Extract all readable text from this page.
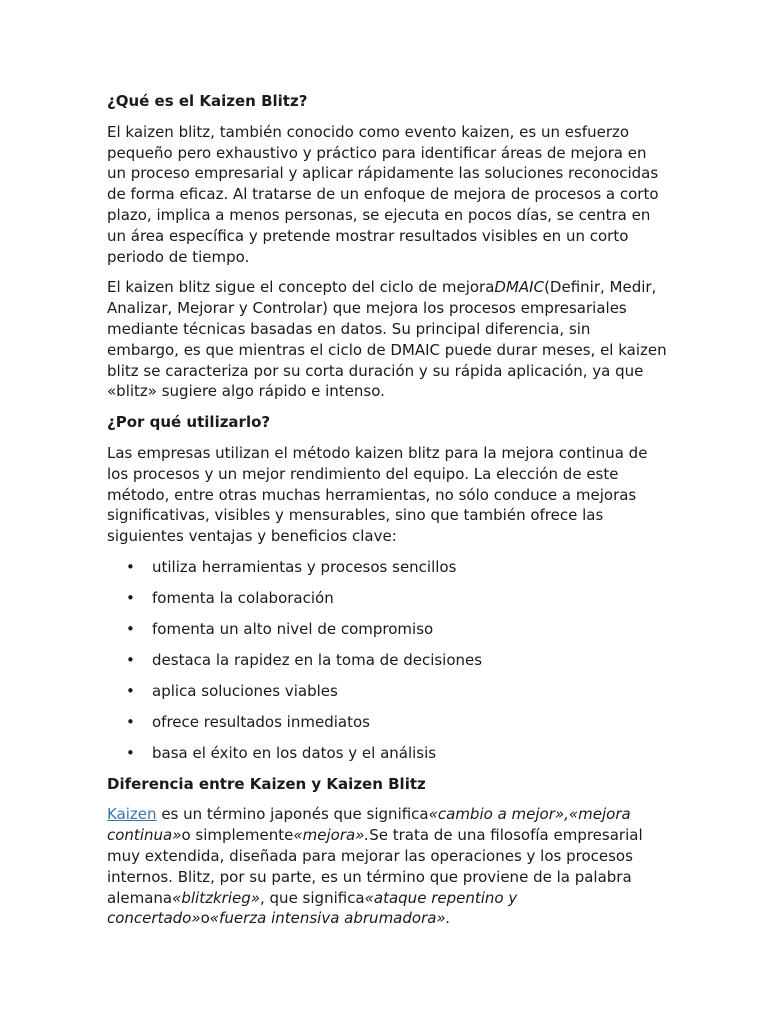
¿Qué es el Kaizen Blitz?

El kaizen blitz, también conocido como evento kaizen, es un esfuerzo pequeño pero exhaustivo y práctico para identificar áreas de mejora en un proceso empresarial y aplicar rápidamente las soluciones reconocidas de forma eficaz. Al tratarse de un enfoque de mejora de procesos a corto plazo, implica a menos personas, se ejecuta en pocos días, se centra en un área específica y pretende mostrar resultados visibles en un corto periodo de tiempo.

El kaizen blitz sigue el concepto del ciclo de mejoraDMAIC(Definir, Medir, Analizar, Mejorar y Controlar) que mejora los procesos empresariales mediante técnicas basadas en datos. Su principal diferencia, sin embargo, es que mientras el ciclo de DMAIC puede durar meses, el kaizen blitz se caracteriza por su corta duración y su rápida aplicación, ya que «blitz» sugiere algo rápido e intenso.

¿Por qué utilizarlo?

Las empresas utilizan el método kaizen blitz para la mejora continua de los procesos y un mejor rendimiento del equipo. La elección de este método, entre otras muchas herramientas, no sólo conduce a mejoras significativas, visibles y mensurables, sino que también ofrece las siguientes ventajas y beneficios clave:

• utiliza herramientas y procesos sencillos
• fomenta la colaboración
• fomenta un alto nivel de compromiso
• destaca la rapidez en la toma de decisiones
• aplica soluciones viables
• ofrece resultados inmediatos
• basa el éxito en los datos y el análisis
Diferencia entre Kaizen y Kaizen Blitz

Kaizen es un término japonés que significa«cambio a mejor»,«mejora continua»o simplemente«mejora».Se trata de una filosofía empresarial muy extendida, diseñada para mejorar las operaciones y los procesos internos. Blitz, por su parte, es un término que proviene de la palabra alemana«blitzkrieg», que significa«ataque repentino y concertado»o«fuerza intensiva abrumadora».
